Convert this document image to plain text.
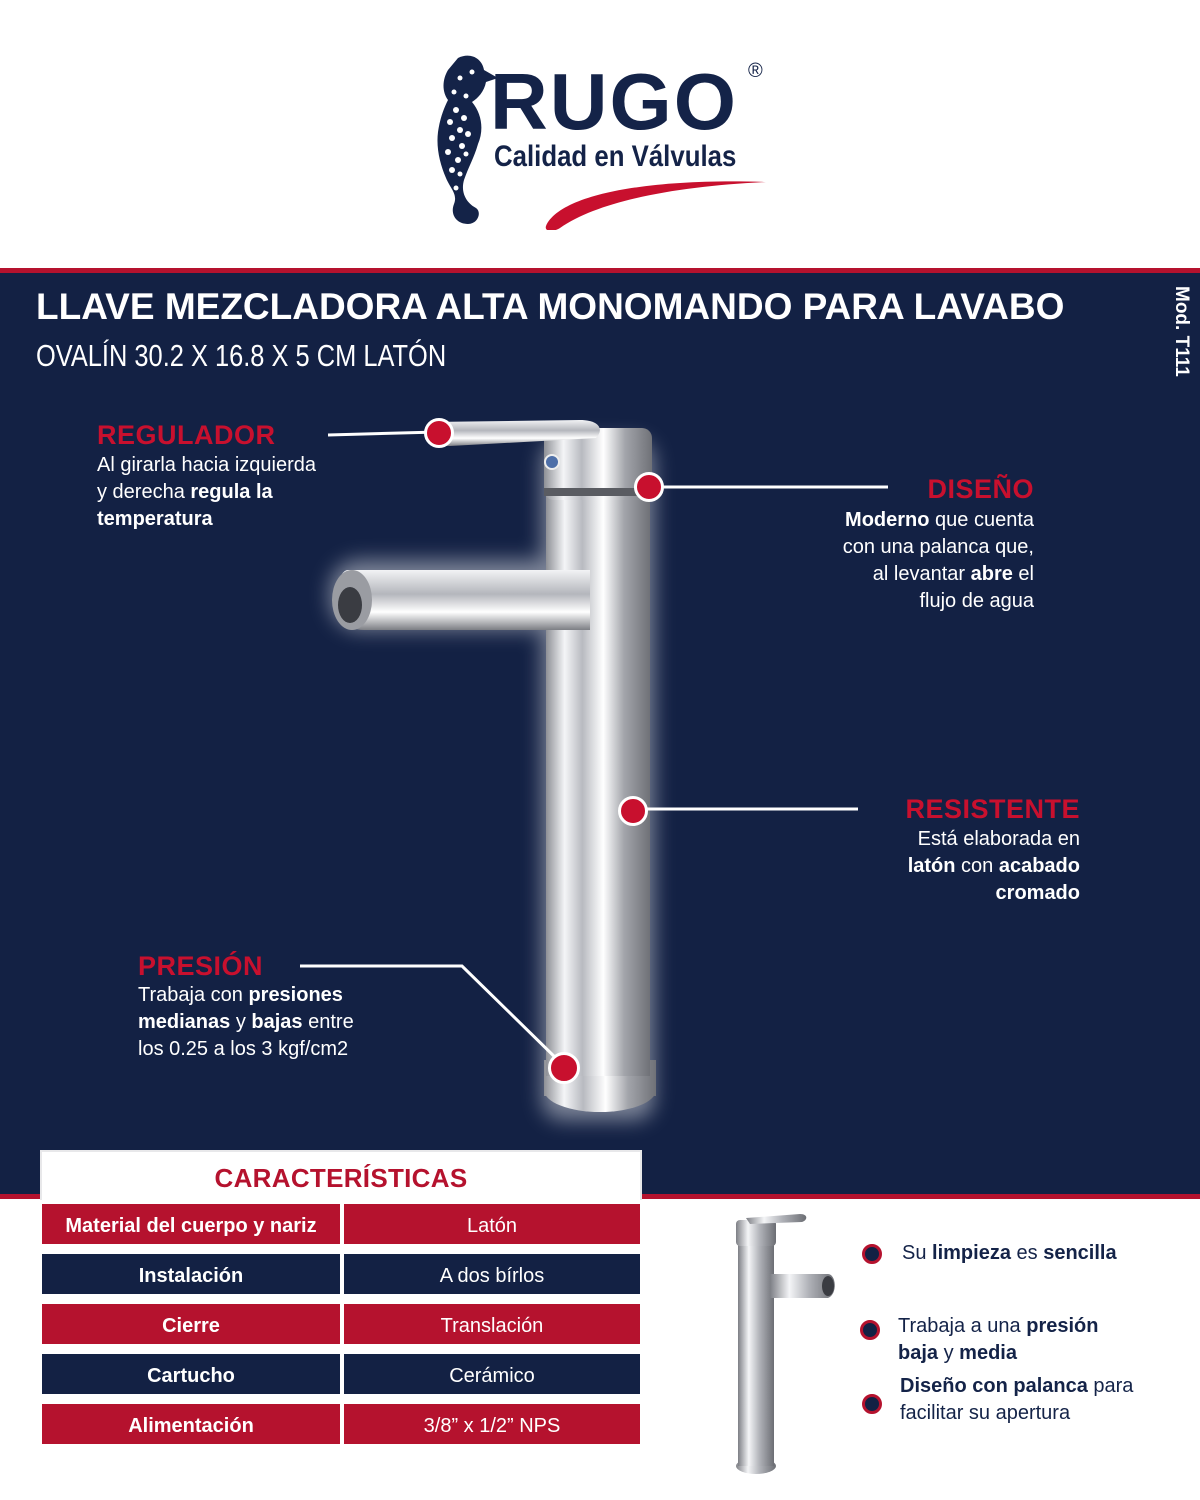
RUGO ®
Calidad en Válvulas
LLAVE MEZCLADORA ALTA MONOMANDO PARA LAVABO
OVALÍN 30.2 X 16.8 X 5 CM LATÓN	Mod. T111
REGULADOR
Al girarla hacia izquierda
y derecha regula la
temperatura
DISEÑO
Moderno que cuenta
con una palanca que,
al levantar abre el
flujo de agua
RESISTENTE
Está elaborada en
latón con acabado
cromado
PRESIÓN
Trabaja con presiones
medianas y bajas entre
los 0.25 a los 3 kgf/cm2
CARACTERÍSTICAS
Material del cuerpo y nariz	Latón
Instalación	A dos bírlos
Cierre	Translación
Cartucho	Cerámico
Alimentación	3/8” x 1/2” NPS
Su limpieza es sencilla
Trabaja a una presión
baja y media
Diseño con palanca para
facilitar su apertura
